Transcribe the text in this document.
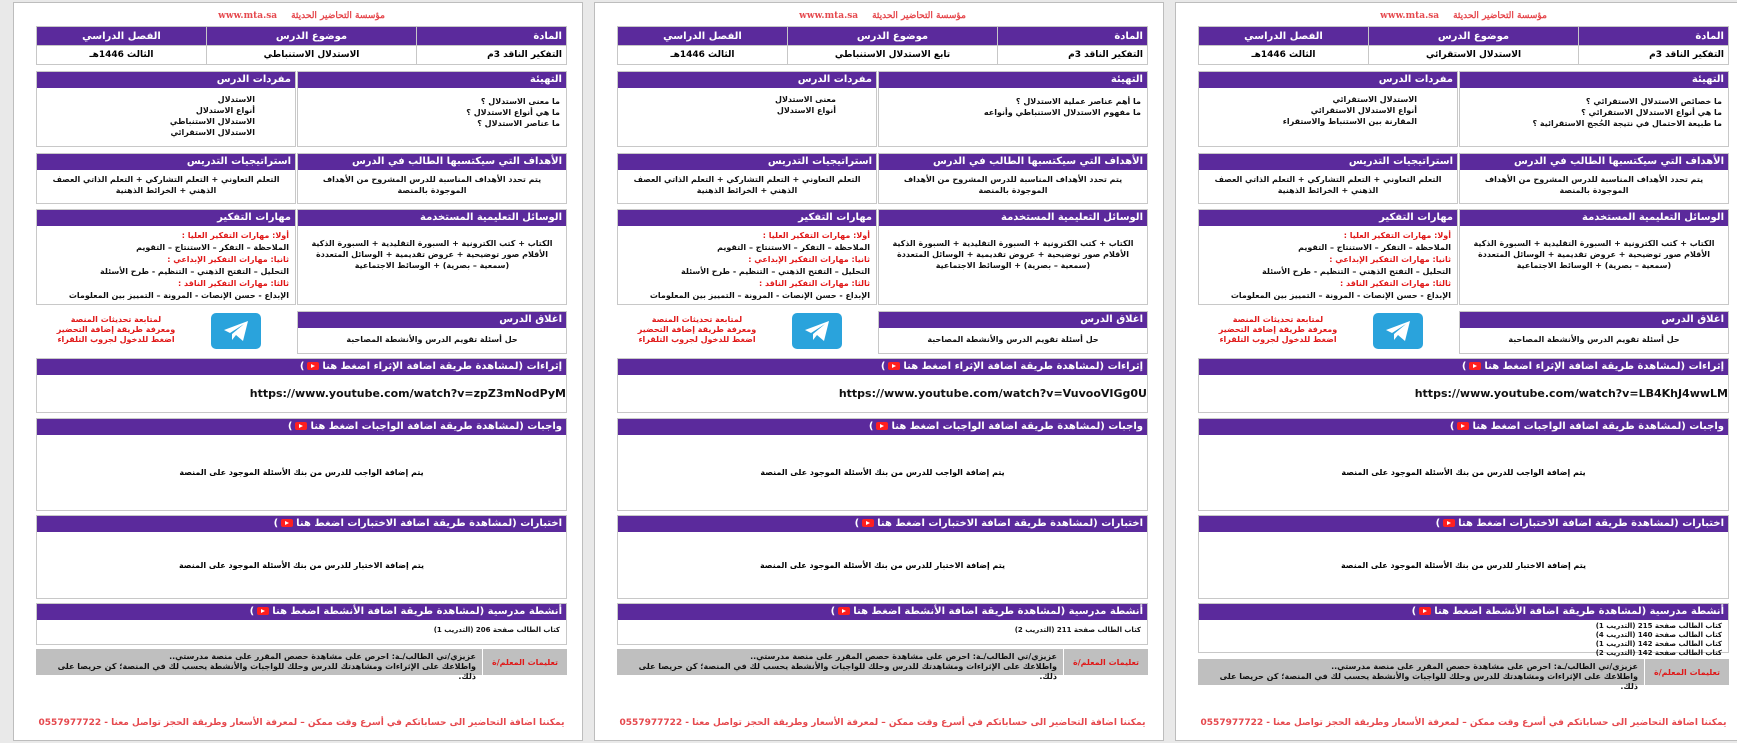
مؤسسة التحاضير الحديثةwww.mta.sa
المادة	موضوع الدرس	الفصل الدراسي
التفكير الناقد 3م	الاستدلال الاستنباطي	الثالث 1446هـ
التهيئة
ما معنى الاستدلال ؟
ما هي أنواع الاستدلال ؟
ما عناصر الاستدلال ؟
مفردات الدرس
الاستدلال
أنواع الاستدلال
الاستدلال الاستنباطي
الاستدلال الاستقرائي
الأهداف التي سيكتسبها الطالب في الدرس
يتم تحدد الأهداف المناسبة للدرس المشروح من الأهداف الموجودة بالمنصة
استراتيجيات التدريس
التعلم التعاوني + التعلم التشاركي + التعلم الذاتي العصف الذهني + الخرائط الذهنية
الوسائل التعليمية المستخدمة
الكتاب + كتب الكترونية + السبورة التقليدية + السبورة الذكية الأقلام صور توضيحية + عروض تقديمية + الوسائل المتعددة (سمعية – بصرية) + الوسائط الاجتماعية
مهارات التفكير
أولا: مهارات التفكير العليا :
الملاحظة – التفكر – الاستنتاج – التقويم
ثانيا: مهارات التفكير الإبداعي :
التحليل – التفتح الذهني – التنظيم - طرح الأسئلة
ثالثا: مهارات التفكير الناقد :
الإبداع - حسن الإنصات - المرونة – التمييز بين المعلومات
اغلاق الدرس
حل أسئلة تقويم الدرس والأنشطة المصاحبة
لمتابعة تحديثات المنصة
ومعرفة طريقة إضافة التحضير
اضغط للدخول لجروب التلقراء
إثراءات (لمشاهدة طريقة اضافة الإثراء اضغط هنا)
https://www.youtube.com/watch?v=zpZ3mNodPyM
واجبات (لمشاهدة طريقة اضافة الواجبات اضغط هنا)
يتم إضافة الواجب للدرس من بنك الأسئلة الموجود على المنصة
اختبارات (لمشاهدة طريقة اضافة الاختبارات اضغط هنا)
يتم إضافة الاختبار للدرس من بنك الأسئلة الموجود على المنصة
أنشطة مدرسية (لمشاهدة طريقة اضافة الأنشطة اضغط هنا)
كتاب الطالب صفحة 206 (التدريب 1)
تعليمات المعلم/ة
عزيزي/تي الطالب/ـة: احرص على مشاهدة حصص المقرر على منصة مدرستي..
واطلاعك على الإثراءات ومشاهدتك للدرس وحلك للواجبات والأنشطة يحسب لك في المنصة؛ كن حريصا على ذلك.
يمكننا اضافة التحاضير الى حساباتكم في أسرع وقت ممكن – لمعرفة الأسعار وطريقة الحجز تواصل معنا - 0557977722
مؤسسة التحاضير الحديثةwww.mta.sa
المادة	موضوع الدرس	الفصل الدراسي
التفكير الناقد 3م	تابع الاستدلال الاستنباطي	الثالث 1446هـ
التهيئة
ما أهم عناصر عملية الاستدلال ؟
ما مفهوم الاستدلال الاستنباطي وأنواعه
مفردات الدرس
معنى الاستدلال
أنواع الاستدلال
الأهداف التي سيكتسبها الطالب في الدرس
يتم تحدد الأهداف المناسبة للدرس المشروح من الأهداف الموجودة بالمنصة
استراتيجيات التدريس
التعلم التعاوني + التعلم التشاركي + التعلم الذاتي العصف الذهني + الخرائط الذهنية
الوسائل التعليمية المستخدمة
الكتاب + كتب الكترونية + السبورة التقليدية + السبورة الذكية الأقلام صور توضيحية + عروض تقديمية + الوسائل المتعددة (سمعية – بصرية) + الوسائط الاجتماعية
مهارات التفكير
أولا: مهارات التفكير العليا :
الملاحظة – التفكر – الاستنتاج – التقويم
ثانيا: مهارات التفكير الإبداعي :
التحليل – التفتح الذهني – التنظيم - طرح الأسئلة
ثالثا: مهارات التفكير الناقد :
الإبداع - حسن الإنصات - المرونة – التمييز بين المعلومات
اغلاق الدرس
حل أسئلة تقويم الدرس والأنشطة المصاحبة
لمتابعة تحديثات المنصة
ومعرفة طريقة إضافة التحضير
اضغط للدخول لجروب التلقراء
إثراءات (لمشاهدة طريقة اضافة الإثراء اضغط هنا)
https://www.youtube.com/watch?v=VuvooVIGg0U
واجبات (لمشاهدة طريقة اضافة الواجبات اضغط هنا)
يتم إضافة الواجب للدرس من بنك الأسئلة الموجود على المنصة
اختبارات (لمشاهدة طريقة اضافة الاختبارات اضغط هنا)
يتم إضافة الاختبار للدرس من بنك الأسئلة الموجود على المنصة
أنشطة مدرسية (لمشاهدة طريقة اضافة الأنشطة اضغط هنا)
كتاب الطالب صفحة 211 (التدريب 2)
تعليمات المعلم/ة
عزيزي/تي الطالب/ـة: احرص على مشاهدة حصص المقرر على منصة مدرستي..
واطلاعك على الإثراءات ومشاهدتك للدرس وحلك للواجبات والأنشطة يحسب لك في المنصة؛ كن حريصا على ذلك.
يمكننا اضافة التحاضير الى حساباتكم في أسرع وقت ممكن – لمعرفة الأسعار وطريقة الحجز تواصل معنا - 0557977722
مؤسسة التحاضير الحديثةwww.mta.sa
المادة	موضوع الدرس	الفصل الدراسي
التفكير الناقد 3م	الاستدلال الاستقرائي	الثالث 1446هـ
التهيئة
ما خصائص الاستدلال الاستقرائي ؟
ما هي أنواع الاستدلال الاستقرائي ؟
ما طبيعة الاحتمال في نتيجة الحُجج الاستقرائية ؟
مفردات الدرس
الاستدلال الاستقرائي
أنواع الاستدلال الاستقرائي
المقارنة بين الاستنباط والاستقراء
الأهداف التي سيكتسبها الطالب في الدرس
يتم تحدد الأهداف المناسبة للدرس المشروح من الأهداف الموجودة بالمنصة
استراتيجيات التدريس
التعلم التعاوني + التعلم التشاركي + التعلم الذاتي العصف الذهني + الخرائط الذهنية
الوسائل التعليمية المستخدمة
الكتاب + كتب الكترونية + السبورة التقليدية + السبورة الذكية الأقلام صور توضيحية + عروض تقديمية + الوسائل المتعددة (سمعية – بصرية) + الوسائط الاجتماعية
مهارات التفكير
أولا: مهارات التفكير العليا :
الملاحظة – التفكر – الاستنتاج – التقويم
ثانيا: مهارات التفكير الإبداعي :
التحليل – التفتح الذهني – التنظيم - طرح الأسئلة
ثالثا: مهارات التفكير الناقد :
الإبداع - حسن الإنصات - المرونة – التمييز بين المعلومات
اغلاق الدرس
حل أسئلة تقويم الدرس والأنشطة المصاحبة
لمتابعة تحديثات المنصة
ومعرفة طريقة إضافة التحضير
اضغط للدخول لجروب التلقراء
إثراءات (لمشاهدة طريقة اضافة الإثراء اضغط هنا)
https://www.youtube.com/watch?v=LB4KhJ4wwLM
واجبات (لمشاهدة طريقة اضافة الواجبات اضغط هنا)
يتم إضافة الواجب للدرس من بنك الأسئلة الموجود على المنصة
اختبارات (لمشاهدة طريقة اضافة الاختبارات اضغط هنا)
يتم إضافة الاختبار للدرس من بنك الأسئلة الموجود على المنصة
أنشطة مدرسية (لمشاهدة طريقة اضافة الأنشطة اضغط هنا)
كتاب الطالب صفحة 215 (التدريب 1)
كتاب الطالب صفحة 140 (التدريب 4)
كتاب الطالب صفحة 142 (التدريب 1)
كتاب الطالب صفحة 142 (التدريب 2)
تعليمات المعلم/ة
عزيزي/تي الطالب/ـة: احرص على مشاهدة حصص المقرر على منصة مدرستي..
واطلاعك على الإثراءات ومشاهدتك للدرس وحلك للواجبات والأنشطة يحسب لك في المنصة؛ كن حريصا على ذلك.
يمكننا اضافة التحاضير الى حساباتكم في أسرع وقت ممكن – لمعرفة الأسعار وطريقة الحجز تواصل معنا - 0557977722
